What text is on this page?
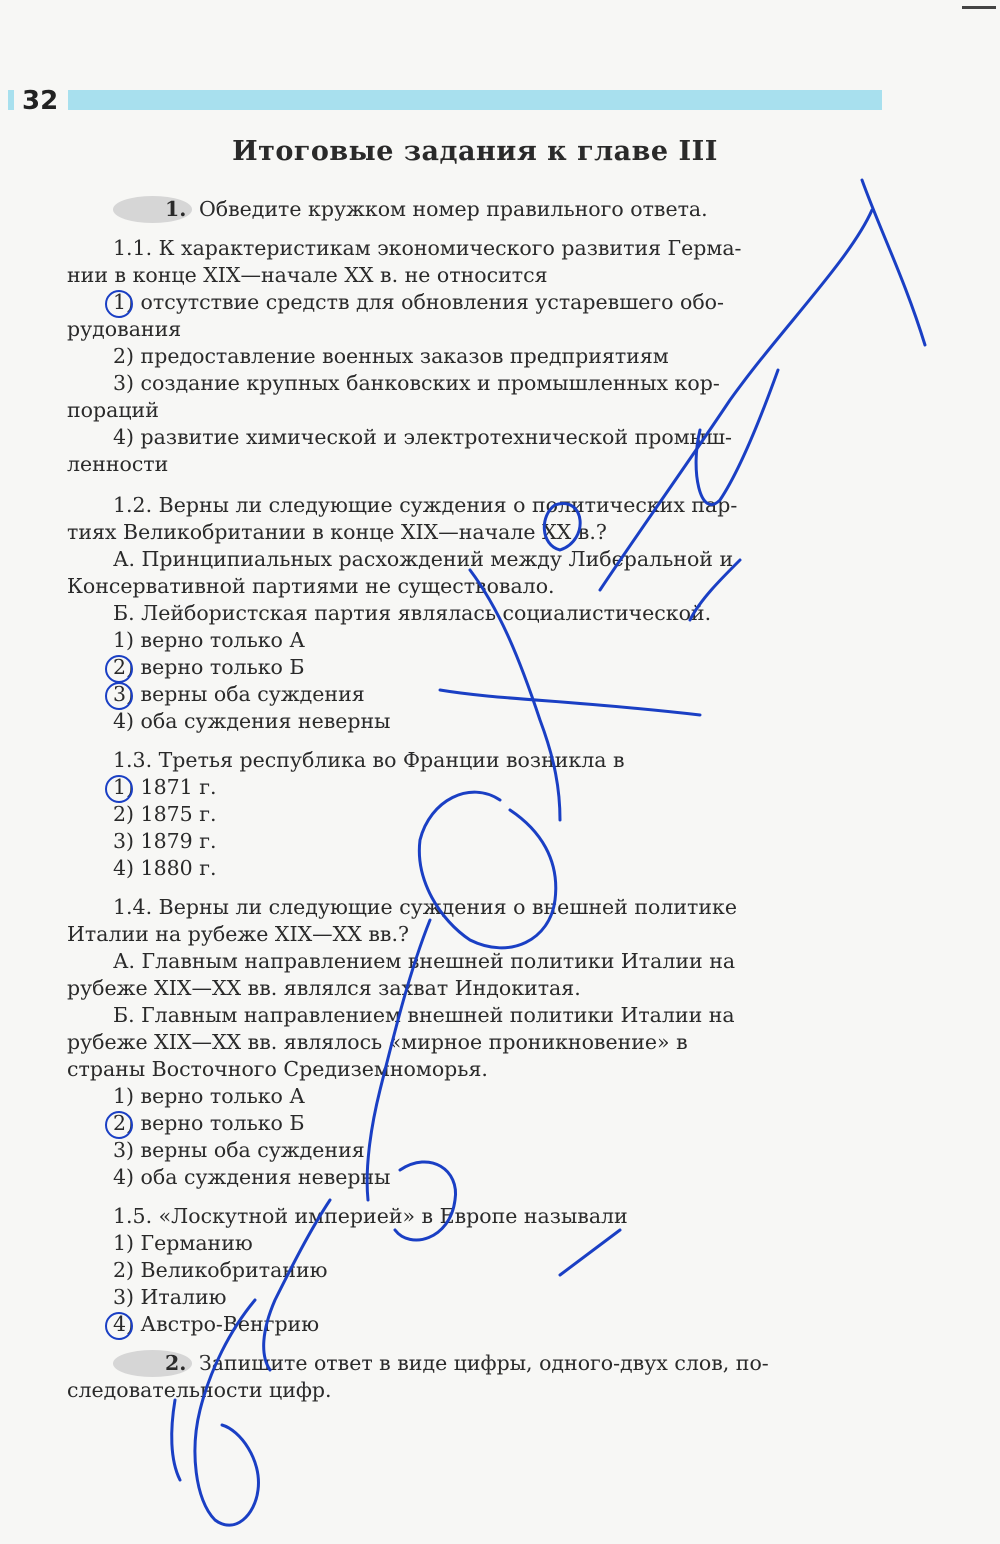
32
Итоговые задания к главе III

1. Обведите кружком номер правильного ответа.

1.1. К характеристикам экономического развития Герма-

нии в конце XIX—начале XX в. не относится

1) отсутствие средств для обновления устаревшего обо-

рудования

2) предоставление военных заказов предприятиям

3) создание крупных банковских и промышленных кор-

пораций

4) развитие химической и электротехнической промыш-

ленности

1.2. Верны ли следующие суждения о политических пар-

тиях Великобритании в конце XIX—начале XX в.?

А. Принципиальных расхождений между Либеральной и

Консервативной партиями не существовало.

Б. Лейбористская партия являлась социалистической.

1) верно только А

2) верно только Б

3) верны оба суждения

4) оба суждения неверны

1.3. Третья республика во Франции возникла в

1) 1871 г.

2) 1875 г.

3) 1879 г.

4) 1880 г.

1.4. Верны ли следующие суждения о внешней политике

Италии на рубеже XIX—XX вв.?

А. Главным направлением внешней политики Италии на

рубеже XIX—XX вв. являлся захват Индокитая.

Б. Главным направлением внешней политики Италии на

рубеже XIX—XX вв. являлось «мирное проникновение» в

страны Восточного Средиземноморья.

1) верно только А

2) верно только Б

3) верны оба суждения

4) оба суждения неверны

1.5. «Лоскутной империей» в Европе называли

1) Германию

2) Великобританию

3) Италию

4) Австро-Венгрию

2. Запишите ответ в виде цифры, одного-двух слов, по-

следовательности цифр.
